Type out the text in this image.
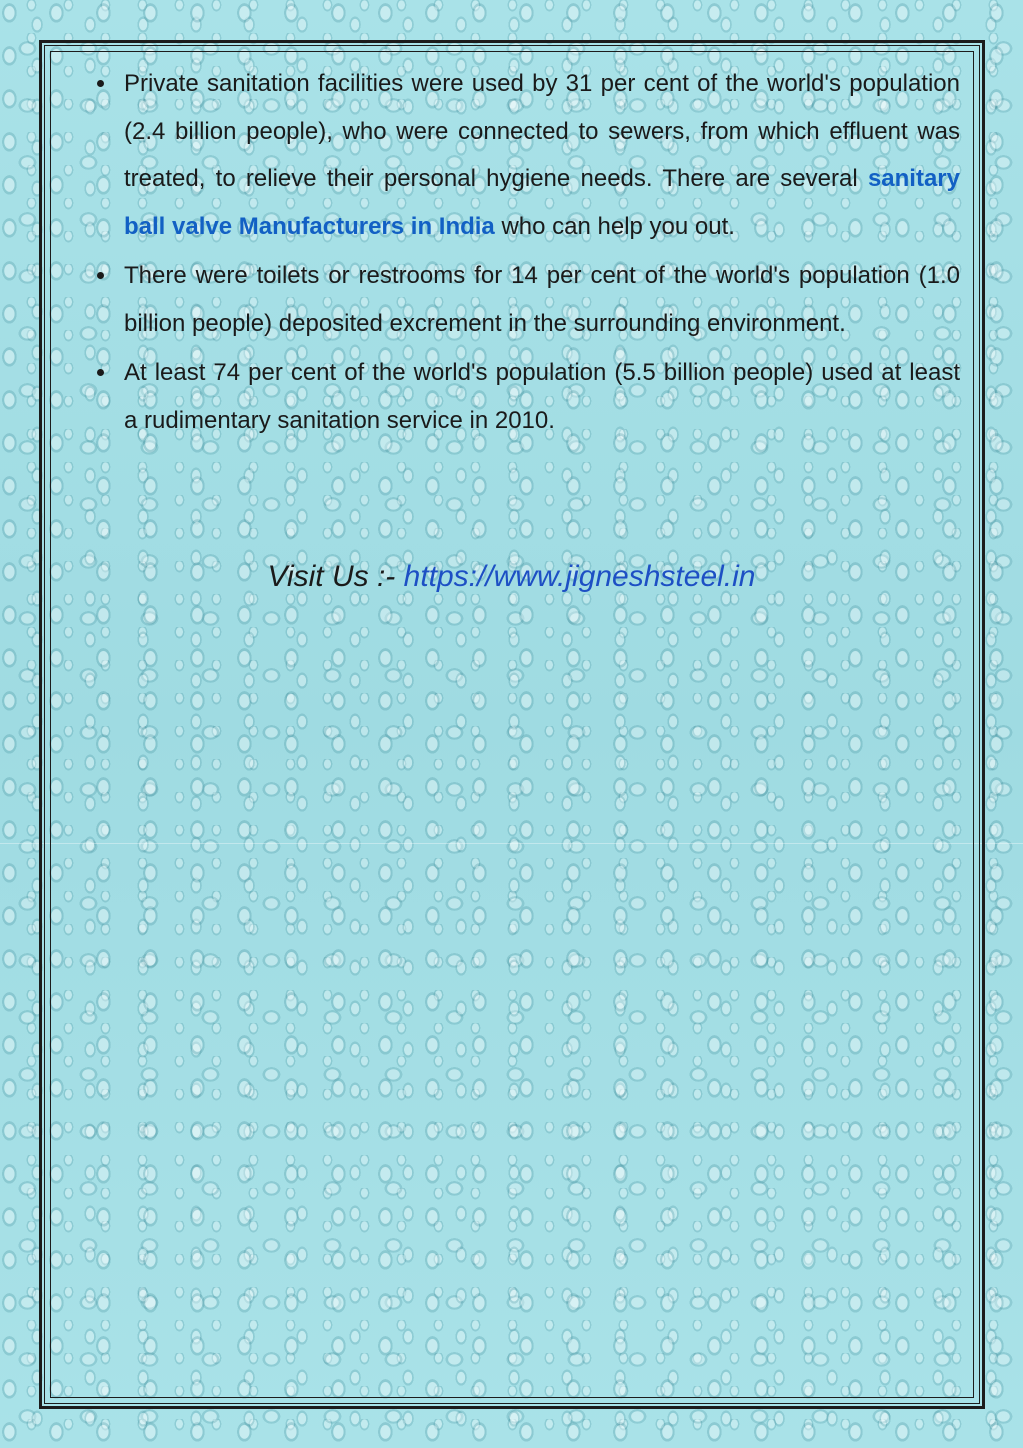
Private sanitation facilities were used by 31 per cent of the world's population (2.4 billion people), who were connected to sewers, from which effluent was treated, to relieve their personal hygiene needs. There are several sanitary ball valve Manufacturers in India who can help you out.
There were toilets or restrooms for 14 per cent of the world's population (1.0 billion people) deposited excrement in the surrounding environment.
At least 74 per cent of the world's population (5.5 billion people) used at least a rudimentary sanitation service in 2010.
Visit Us :- https://www.jigneshsteel.in
